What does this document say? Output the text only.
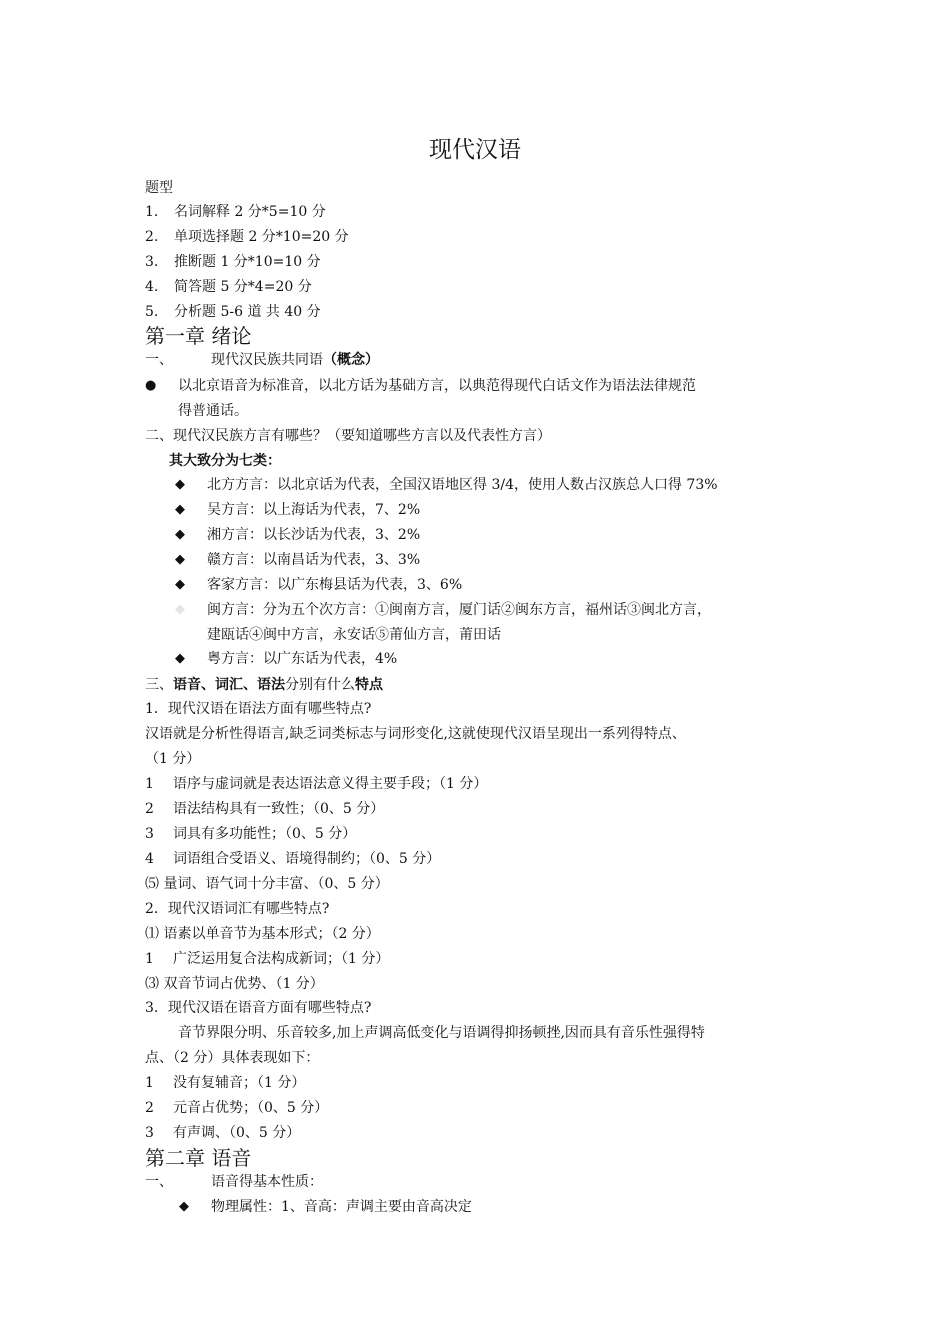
现代汉语
题型
1. 名词解释 2 分*5=10 分
2. 单项选择题 2 分*10=20 分
3. 推断题 1 分*10=10 分
4. 简答题 5 分*4=20 分
5. 分析题 5-6 道 共 40 分
第一章 绪论
一、	现代汉民族共同语（概念）
● 以北京语音为标准音，以北方话为基础方言，以典范得现代白话文作为语法法律规范
得普通话。
二、现代汉民族方言有哪些？（要知道哪些方言以及代表性方言）
其大致分为七类：
◆ 北方方言：以北京话为代表，全国汉语地区得 3/4，使用人数占汉族总人口得 73%
◆ 吴方言：以上海话为代表，7、2%
◆ 湘方言：以长沙话为代表，3、2%
◆ 赣方言：以南昌话为代表，3、3%
◆ 客家方言：以广东梅县话为代表，3、6%
◆ 闽方言：分为五个次方言：①闽南方言，厦门话②闽东方言，福州话③闽北方言，
建瓯话④闽中方言，永安话⑤莆仙方言，莆田话
◆ 粤方言：以广东话为代表，4%
三、语音、词汇、语法分别有什么特点
1．现代汉语在语法方面有哪些特点?
汉语就是分析性得语言,缺乏词类标志与词形变化,这就使现代汉语呈现出一系列得特点、
（1 分）
1 语序与虚词就是表达语法意义得主要手段；（1 分）
2 语法结构具有一致性；（0、5 分）
3 词具有多功能性；（0、5 分）
4 词语组合受语义、语境得制约；（0、5 分）
⑸ 量词、语气词十分丰富、（0、5 分）
2．现代汉语词汇有哪些特点?
⑴ 语素以单音节为基本形式；（2 分）
1 广泛运用复合法构成新词；（1 分）
⑶ 双音节词占优势、（1 分）
3．现代汉语在语音方面有哪些特点?
音节界限分明、乐音较多,加上声调高低变化与语调得抑扬顿挫,因而具有音乐性强得特
点、（2 分）具体表现如下：
1 没有复辅音；（1 分）
2 元音占优势；（0、5 分）
3 有声调、（0、5 分）
第二章 语音
一、	语音得基本性质：
◆ 物理属性：1、音高：声调主要由音高决定
